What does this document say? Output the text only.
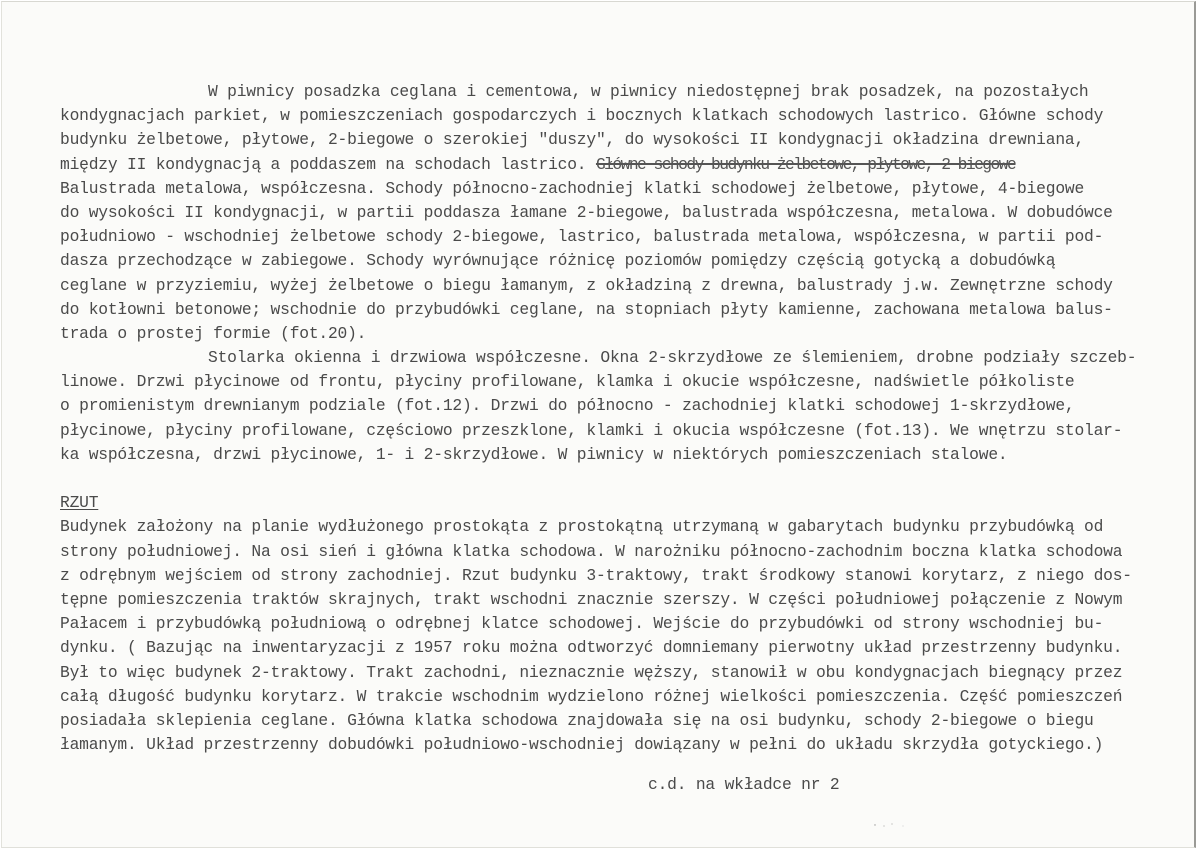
W piwnicy posadzka ceglana i cementowa, w piwnicy niedostępnej brak posadzek, na pozostałych
kondygnacjach parkiet, w pomieszczeniach gospodarczych i bocznych klatkach schodowych lastrico. Główne schody
budynku żelbetowe, płytowe, 2-biegowe o szerokiej "duszy", do wysokości II kondygnacji okładzina drewniana,
między II kondygnacją a poddaszem na schodach lastrico. Główne schody budynku żelbetowe, płytowe, 2-biegowe
Balustrada metalowa, współczesna. Schody północno-zachodniej klatki schodowej żelbetowe, płytowe, 4-biegowe
do wysokości II kondygnacji, w partii poddasza łamane 2-biegowe, balustrada współczesna, metalowa. W dobudówce
południowo - wschodniej żelbetowe schody 2-biegowe, lastrico, balustrada metalowa, współczesna, w partii pod-
dasza przechodzące w zabiegowe. Schody wyrównujące różnicę poziomów pomiędzy częścią gotycką a dobudówką
ceglane w przyziemiu, wyżej żelbetowe o biegu łamanym, z okładziną z drewna, balustrady j.w. Zewnętrzne schody
do kotłowni betonowe; wschodnie do przybudówki ceglane, na stopniach płyty kamienne, zachowana metalowa balus-
trada o prostej formie (fot.20).
Stolarka okienna i drzwiowa współczesne. Okna 2-skrzydłowe ze ślemieniem, drobne podziały szczeb-
linowe. Drzwi płycinowe od frontu, płyciny profilowane, klamka i okucie współczesne, nadświetle półkoliste
o promienistym drewnianym podziale (fot.12). Drzwi do północno - zachodniej klatki schodowej 1-skrzydłowe,
płycinowe, płyciny profilowane, częściowo przeszklone, klamki i okucia współczesne (fot.13). We wnętrzu stolar-
ka współczesna, drzwi płycinowe, 1- i 2-skrzydłowe. W piwnicy w niektórych pomieszczeniach stalowe.
RZUT
Budynek założony na planie wydłużonego prostokąta z prostokątną utrzymaną w gabarytach budynku przybudówką od
strony południowej. Na osi sień i główna klatka schodowa. W narożniku północno-zachodnim boczna klatka schodowa
z odrębnym wejściem od strony zachodniej. Rzut budynku 3-traktowy, trakt środkowy stanowi korytarz, z niego dos-
tępne pomieszczenia traktów skrajnych, trakt wschodni znacznie szerszy. W części południowej połączenie z Nowym
Pałacem i przybudówką południową o odrębnej klatce schodowej. Wejście do przybudówki od strony wschodniej bu-
dynku. ( Bazując na inwentaryzacji z 1957 roku można odtworzyć domniemany pierwotny układ przestrzenny budynku.
Był to więc budynek 2-traktowy. Trakt zachodni, nieznacznie węższy, stanowił w obu kondygnacjach biegnący przez
całą długość budynku korytarz. W trakcie wschodnim wydzielono różnej wielkości pomieszczenia. Część pomieszczeń
posiadała sklepienia ceglane. Główna klatka schodowa znajdowała się na osi budynku, schody 2-biegowe o biegu
łamanym. Układ przestrzenny dobudówki południowo-wschodniej dowiązany w pełni do układu skrzydła gotyckiego.)
c.d. na wkładce nr 2
